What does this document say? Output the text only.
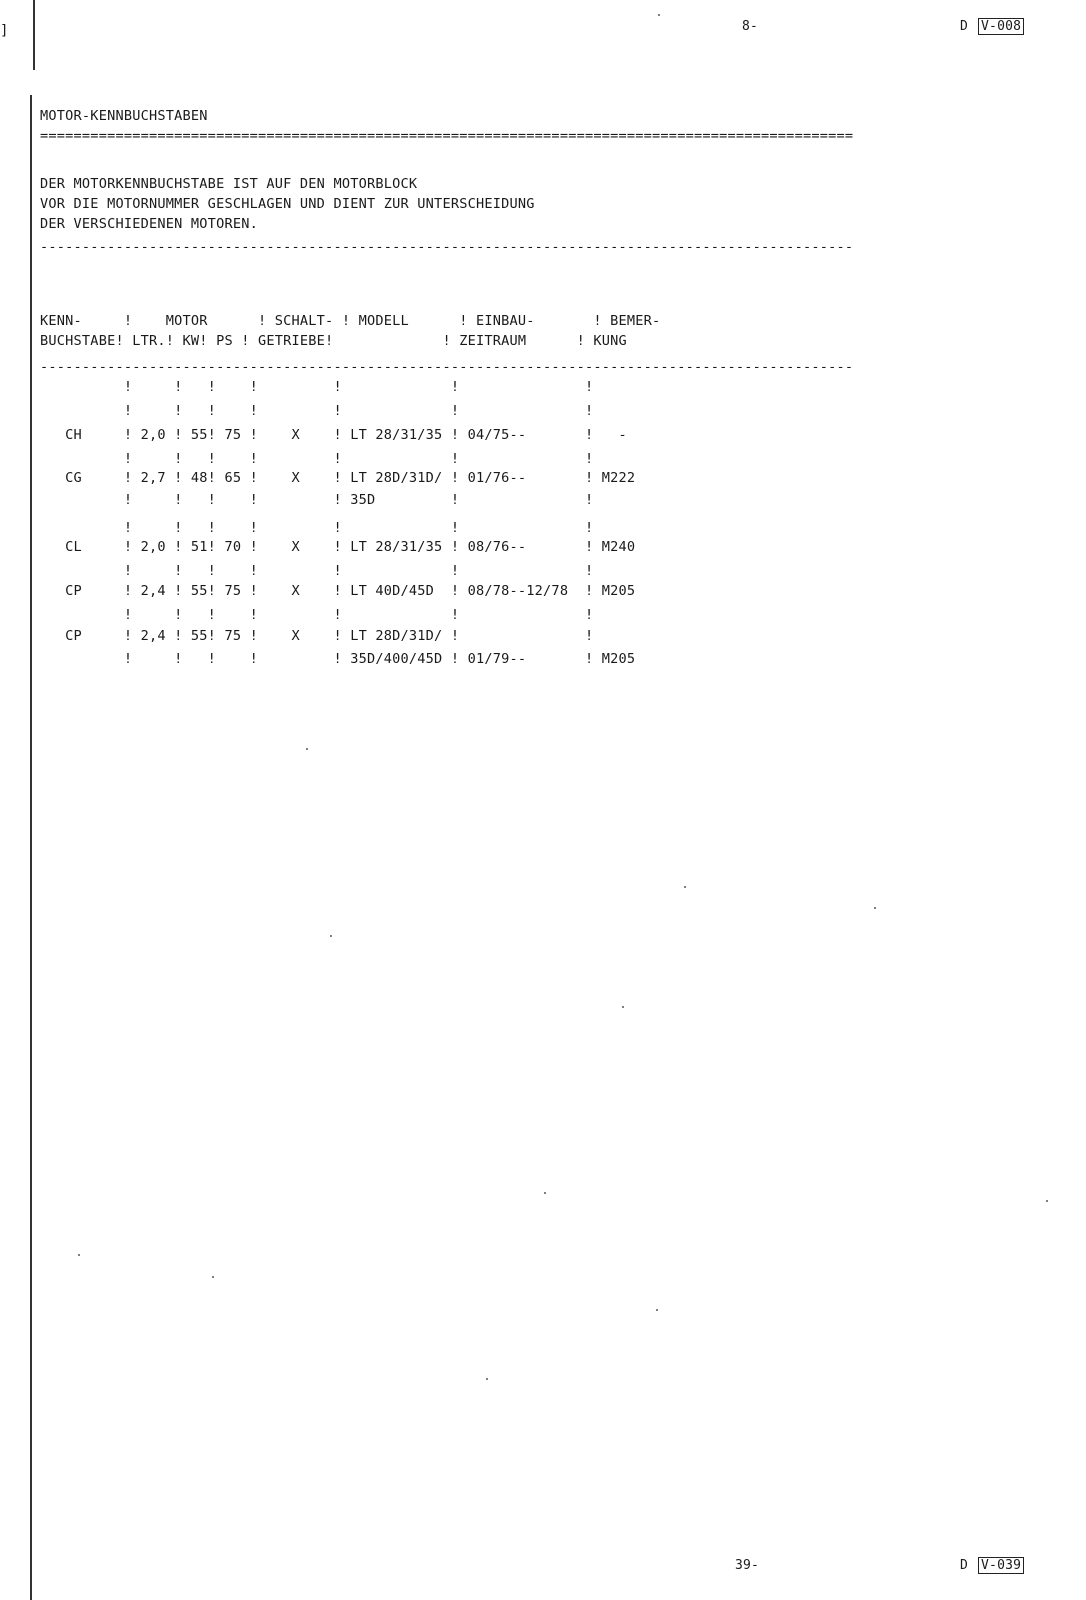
]	8-	D V-008
MOTOR-KENNBUCHSTABEN
=================================================================================================
DER MOTORKENNBUCHSTABE IST AUF DEN MOTORBLOCK
VOR DIE MOTORNUMMER GESCHLAGEN UND DIENT ZUR UNTERSCHEIDUNG
DER VERSCHIEDENEN MOTOREN.
-------------------------------------------------------------------------------------------------
KENN-     !    MOTOR      ! SCHALT- ! MODELL      ! EINBAU-       ! BEMER-
BUCHSTABE! LTR.! KW! PS ! GETRIEBE!             ! ZEITRAUM      ! KUNG
-------------------------------------------------------------------------------------------------
!     !   !    !         !             !               !
!     !   !    !         !             !               !
CH     ! 2,0 ! 55! 75 !    X    ! LT 28/31/35 ! 04/75--       !   -
!     !   !    !         !             !               !
CG     ! 2,7 ! 48! 65 !    X    ! LT 28D/31D/ ! 01/76--       ! M222
!     !   !    !         ! 35D         !               !
!     !   !    !         !             !               !
CL     ! 2,0 ! 51! 70 !    X    ! LT 28/31/35 ! 08/76--       ! M240
!     !   !    !         !             !               !
CP     ! 2,4 ! 55! 75 !    X    ! LT 40D/45D  ! 08/78--12/78  ! M205
!     !   !    !         !             !               !
CP     ! 2,4 ! 55! 75 !    X    ! LT 28D/31D/ !               !
!     !   !    !         ! 35D/400/45D ! 01/79--       ! M205
39-	D V-039
